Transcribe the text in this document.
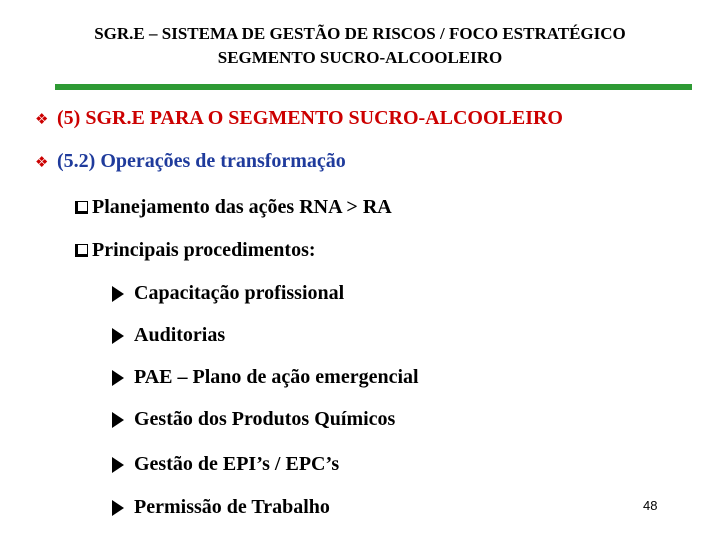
SGR.E – SISTEMA DE GESTÃO DE RISCOS / FOCO ESTRATÉGICO
SEGMENTO SUCRO-ALCOOLEIRO
❖ (5) SGR.E PARA O SEGMENTO SUCRO-ALCOOLEIRO
❖ (5.2) Operações de transformação
Planejamento das ações RNA > RA
Principais procedimentos:
Capacitação profissional
Auditorias
PAE – Plano de ação emergencial
Gestão dos Produtos Químicos
Gestão de EPI’s / EPC’s
Permissão de Trabalho	48
